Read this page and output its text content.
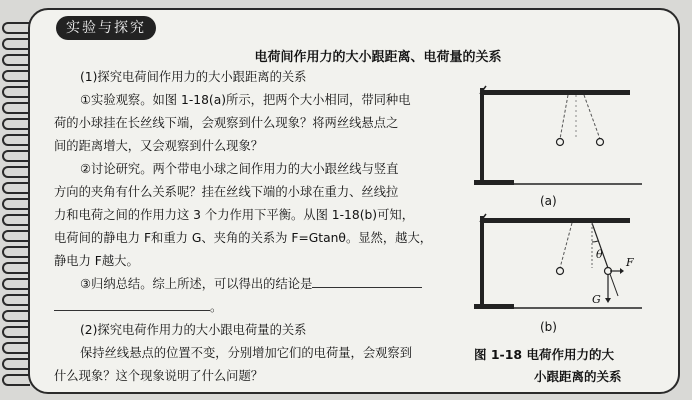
实验与探究
电荷间作用力的大小跟距离、电荷量的关系
(1)探究电荷间作用力的大小跟距离的关系
①实验观察。如图 1-18(a)所示，把两个大小相同，带同种电
荷的小球挂在长丝线下端，会观察到什么现象？将两丝线悬点之
间的距离增大，又会观察到什么现象？
②讨论研究。两个带电小球之间作用力的大小跟丝线与竖直
方向的夹角有什么关系呢？挂在丝线下端的小球在重力、丝线拉
力和电荷之间的作用力这 3 个力作用下平衡。从图 1-18(b)可知，
电荷间的静电力 F和重力 G、夹角的关系为 F=Gtanθ。显然，越大，
静电力 F越大。
③归纳总结。综上所述，可以得出的结论是
。
(2)探究电荷作用力的大小跟电荷量的关系
保持丝线悬点的位置不变，分别增加它们的电荷量，会观察到
什么现象？这个现象说明了什么问题？
θ
F
G
(a)
(b)
图 1-18 电荷作用力的大
小跟距离的关系
